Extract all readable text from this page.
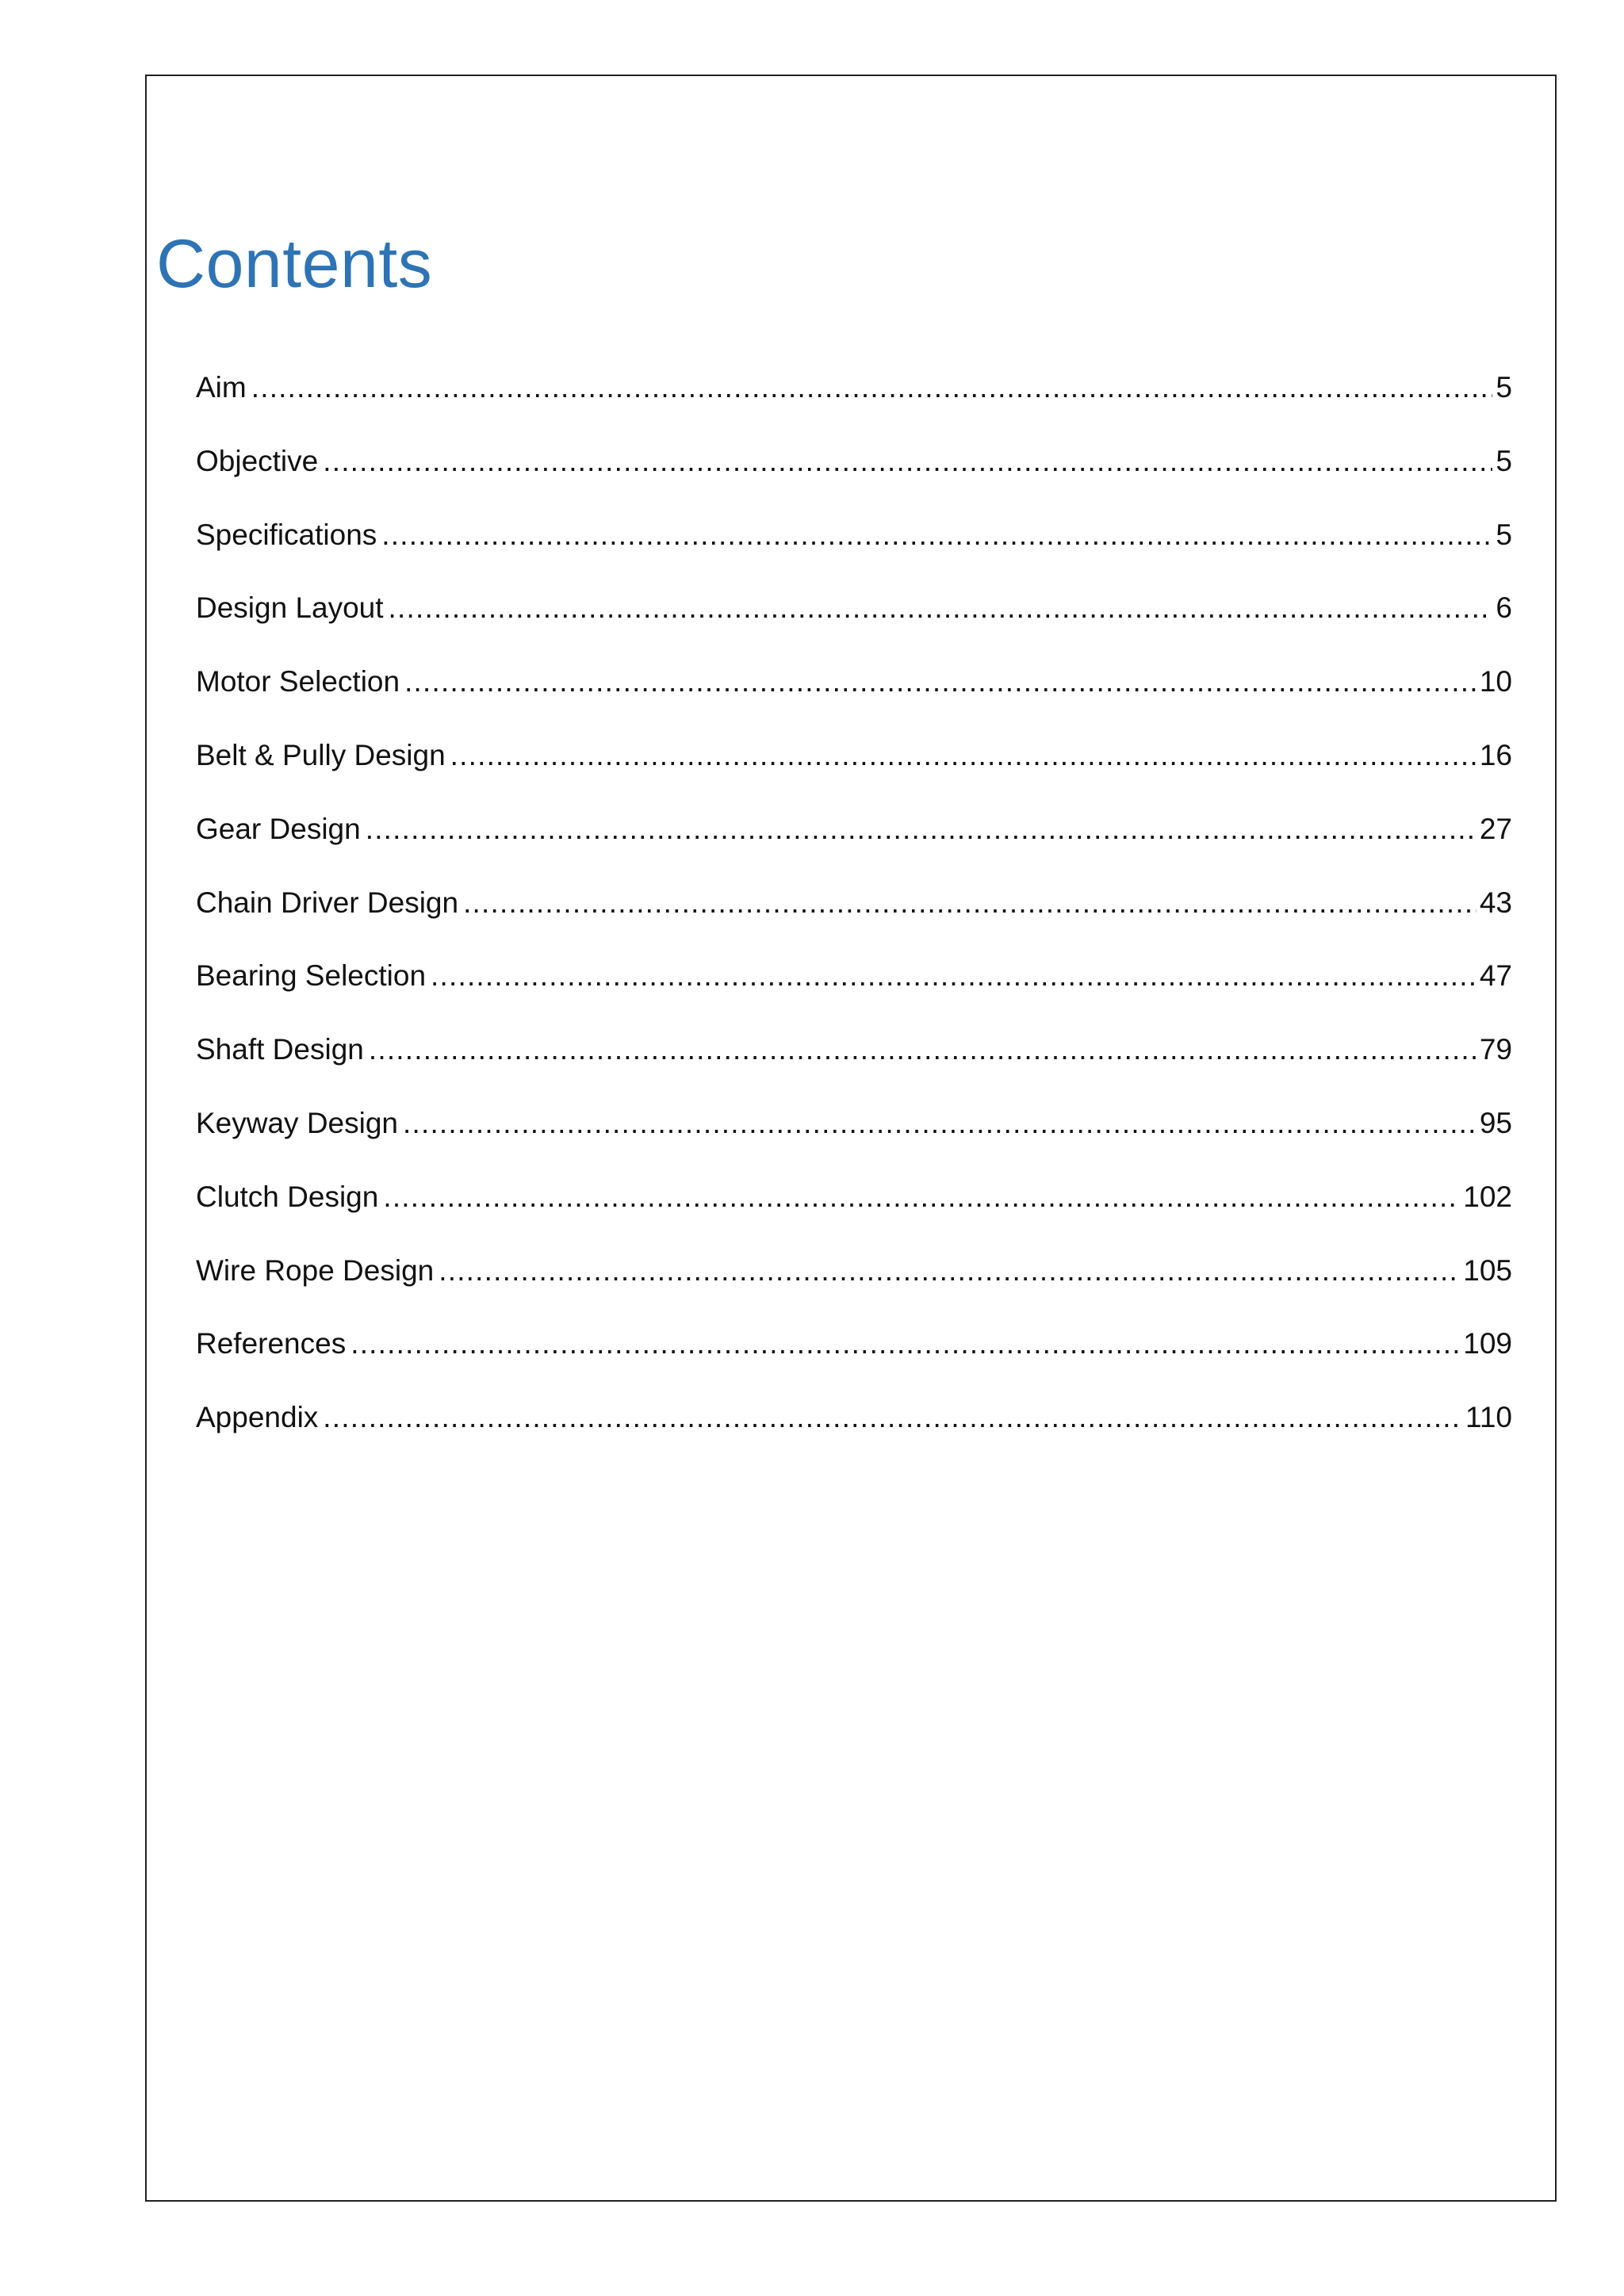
Contents
Aim .....	5
Objective .....	5
Specifications .....	5
Design Layout .....	6
Motor Selection .....	10
Belt & Pully Design .....	16
Gear Design .....	27
Chain Driver Design .....	43
Bearing Selection .....	47
Shaft Design .....	79
Keyway Design .....	95
Clutch Design .....	102
Wire Rope Design .....	105
References .....	109
Appendix .....	110
